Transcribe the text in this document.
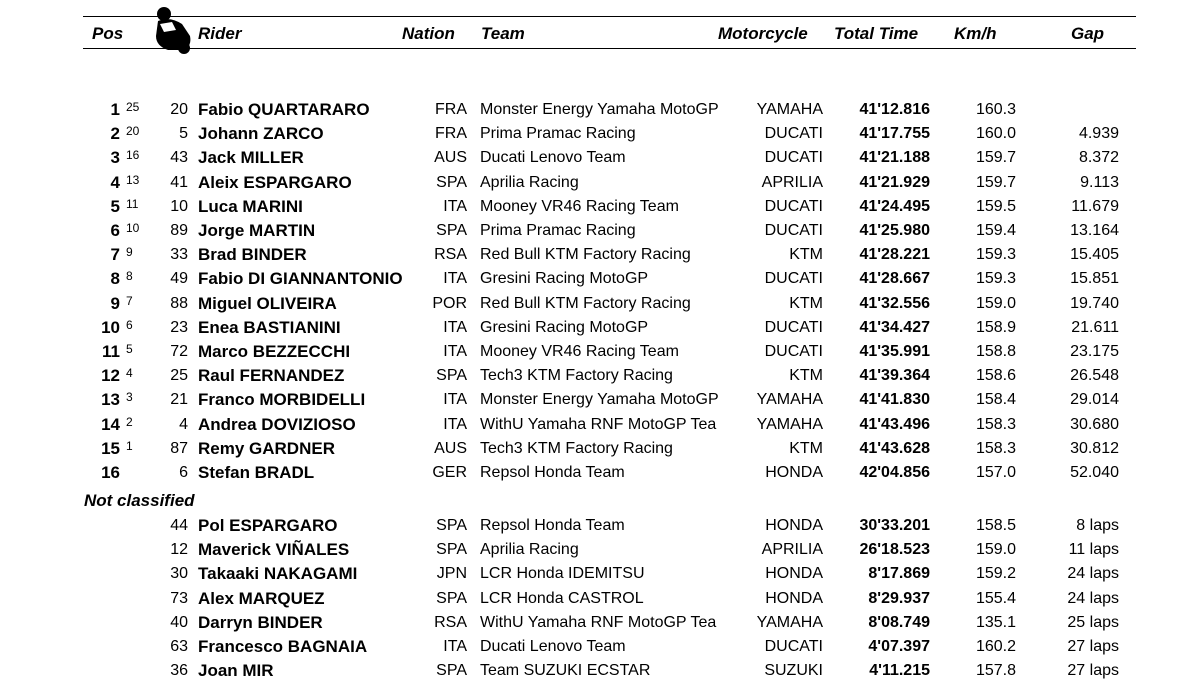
Pos	Rider	Nation Team	Motorcycle Total Time Km/h	Gap
1 25	20 Fabio QUARTARARO	FRA Monster Energy Yamaha MotoGP	YAMAHA	41'12.816	160.3
2 20	5 Johann ZARCO	FRA Prima Pramac Racing	DUCATI	41'17.755	160.0	4.939
3 16	43 Jack MILLER	AUS Ducati Lenovo Team	DUCATI	41'21.188	159.7	8.372
4 13	41 Aleix ESPARGARO	SPA Aprilia Racing	APRILIA	41'21.929	159.7	9.113
5 11	10 Luca MARINI	ITA Mooney VR46 Racing Team	DUCATI	41'24.495	159.5	11.679
6 10	89 Jorge MARTIN	SPA Prima Pramac Racing	DUCATI	41'25.980	159.4	13.164
7 9	33 Brad BINDER	RSA Red Bull KTM Factory Racing	KTM	41'28.221	159.3	15.405
8 8	49 Fabio DI GIANNANTONIO	ITA Gresini Racing MotoGP	DUCATI	41'28.667	159.3	15.851
9 7	88 Miguel OLIVEIRA	POR Red Bull KTM Factory Racing	KTM	41'32.556	159.0	19.740
10 6	23 Enea BASTIANINI	ITA Gresini Racing MotoGP	DUCATI	41'34.427	158.9	21.611
11 5	72 Marco BEZZECCHI	ITA Mooney VR46 Racing Team	DUCATI	41'35.991	158.8	23.175
12 4	25 Raul FERNANDEZ	SPA Tech3 KTM Factory Racing	KTM	41'39.364	158.6	26.548
13 3	21 Franco MORBIDELLI	ITA Monster Energy Yamaha MotoGP	YAMAHA	41'41.830	158.4	29.014
14 2	4 Andrea DOVIZIOSO	ITA WithU Yamaha RNF MotoGP Tea	YAMAHA	41'43.496	158.3	30.680
15 1	87 Remy GARDNER	AUS Tech3 KTM Factory Racing	KTM	41'43.628	158.3	30.812
16	6 Stefan BRADL	GER Repsol Honda Team	HONDA	42'04.856	157.0	52.040
Not classified
44 Pol ESPARGARO	SPA Repsol Honda Team	HONDA	30'33.201	158.5	8 laps
12 Maverick VIÑALES	SPA Aprilia Racing	APRILIA	26'18.523	159.0	11 laps
30 Takaaki NAKAGAMI	JPN LCR Honda IDEMITSU	HONDA	8'17.869	159.2	24 laps
73 Alex MARQUEZ	SPA LCR Honda CASTROL	HONDA	8'29.937	155.4	24 laps
40 Darryn BINDER	RSA WithU Yamaha RNF MotoGP Tea	YAMAHA	8'08.749	135.1	25 laps
63 Francesco BAGNAIA	ITA Ducati Lenovo Team	DUCATI	4'07.397	160.2	27 laps
36 Joan MIR	SPA Team SUZUKI ECSTAR	SUZUKI	4'11.215	157.8	27 laps
